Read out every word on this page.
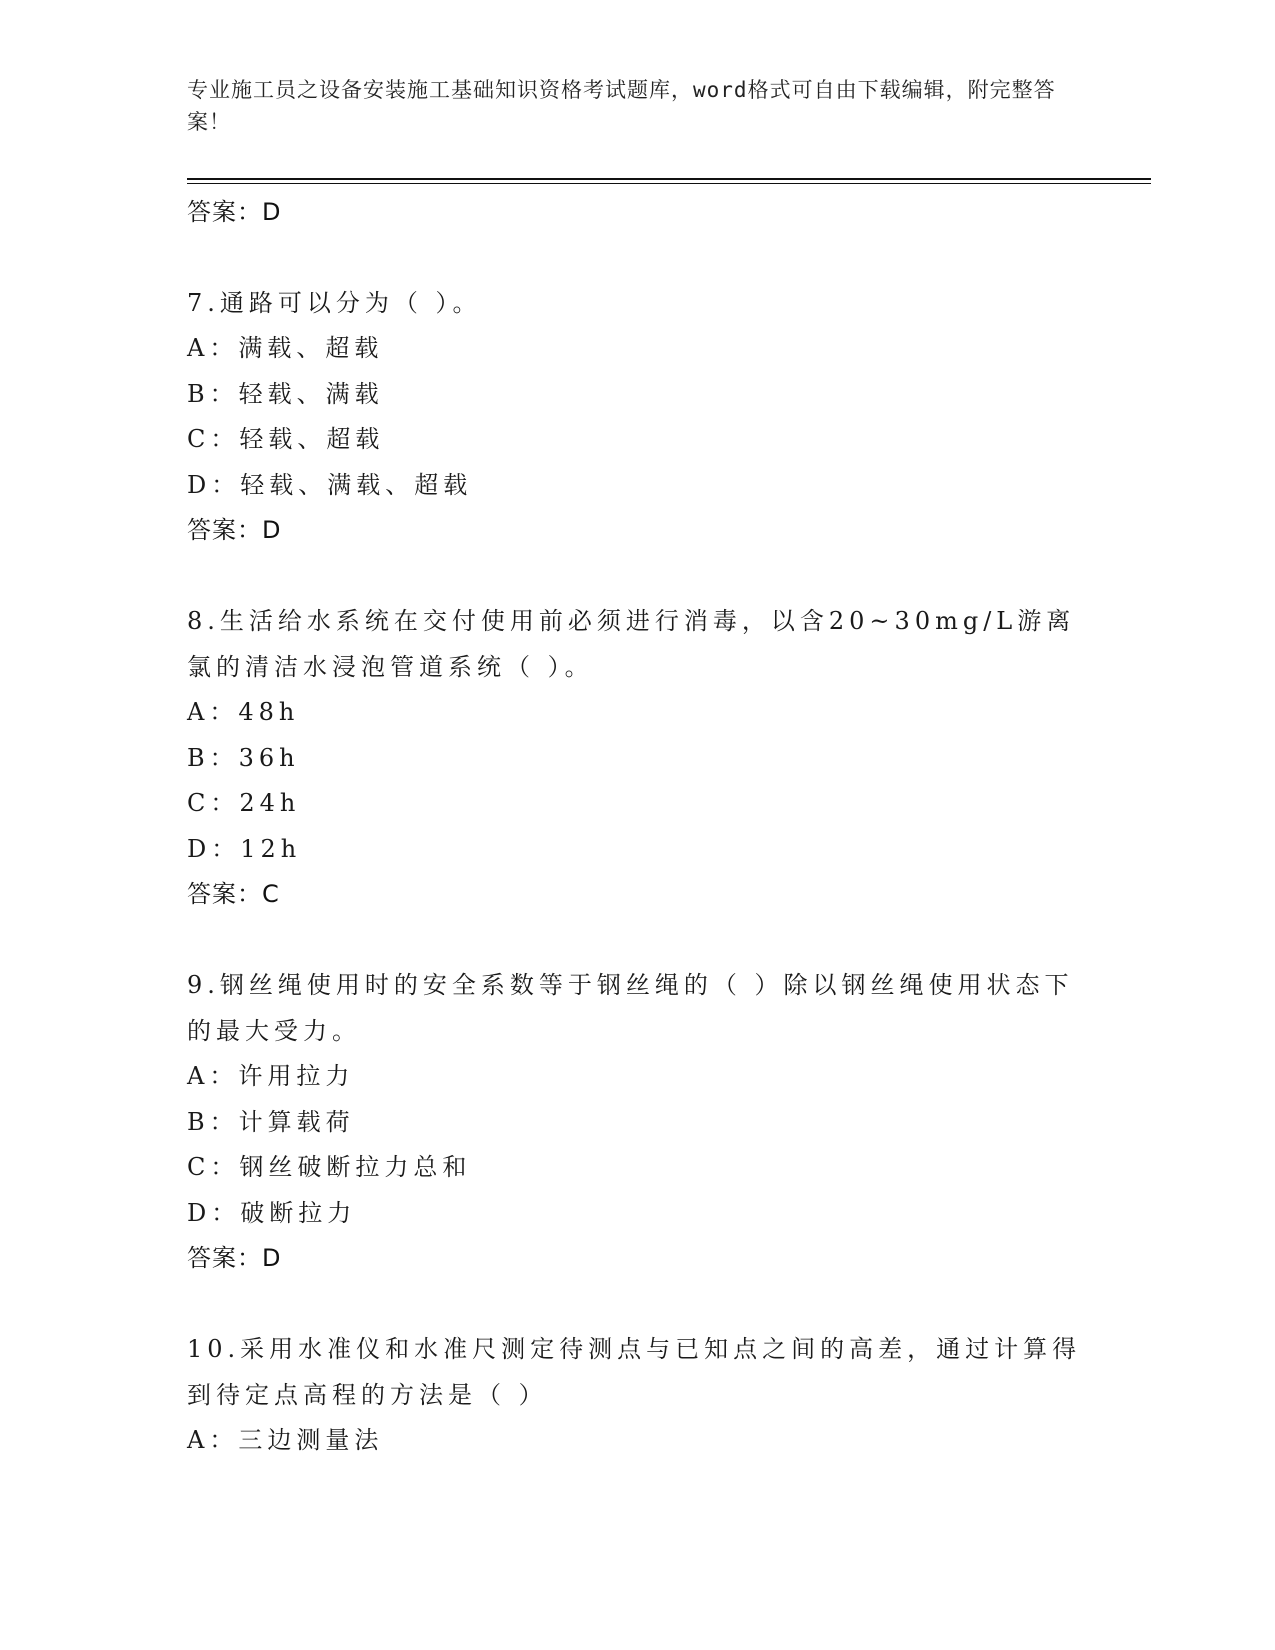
专业施工员之设备安装施工基础知识资格考试题库，word格式可自由下载编辑，附完整答案！
答案：D
7.通路可以分为（ ）。
A：满载、超载
B：轻载、满载
C：轻载、超载
D：轻载、满载、超载
答案：D
8.生活给水系统在交付使用前必须进行消毒，以含20~30mg/L游离氯的清洁水浸泡管道系统（ ）。
A：48h
B：36h
C：24h
D：12h
答案：C
9.钢丝绳使用时的安全系数等于钢丝绳的（ ）除以钢丝绳使用状态下的最大受力。
A：许用拉力
B：计算载荷
C：钢丝破断拉力总和
D：破断拉力
答案：D
10.采用水准仪和水准尺测定待测点与已知点之间的高差，通过计算得到待定点高程的方法是（ ）
A：三边测量法
